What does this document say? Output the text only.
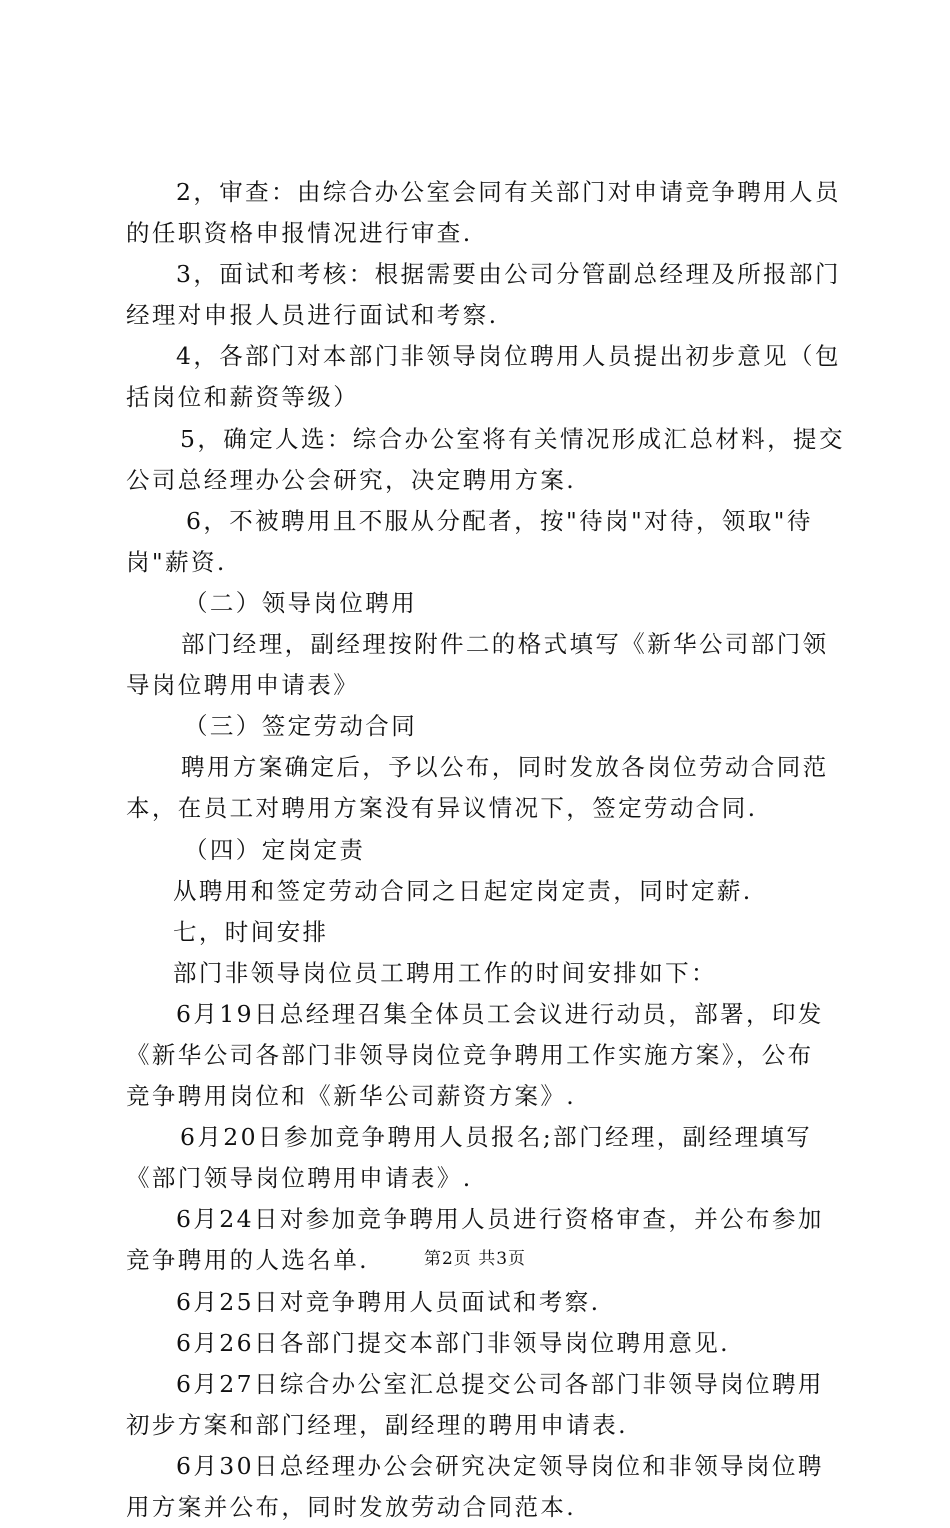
2，审查：由综合办公室会同有关部门对申请竞争聘用人员
的任职资格申报情况进行审查.
3，面试和考核：根据需要由公司分管副总经理及所报部门
经理对申报人员进行面试和考察.
4，各部门对本部门非领导岗位聘用人员提出初步意见（包
括岗位和薪资等级）
5，确定人选：综合办公室将有关情况形成汇总材料，提交
公司总经理办公会研究，决定聘用方案.
6，不被聘用且不服从分配者，按"待岗"对待，领取"待
岗"薪资.
（二）领导岗位聘用
部门经理，副经理按附件二的格式填写《新华公司部门领
导岗位聘用申请表》
（三）签定劳动合同
聘用方案确定后，予以公布，同时发放各岗位劳动合同范
本，在员工对聘用方案没有异议情况下，签定劳动合同.
（四）定岗定责
从聘用和签定劳动合同之日起定岗定责，同时定薪.
七，时间安排
部门非领导岗位员工聘用工作的时间安排如下：
6月19日总经理召集全体员工会议进行动员，部署，印发
《新华公司各部门非领导岗位竞争聘用工作实施方案》，公布
竞争聘用岗位和《新华公司薪资方案》.
6月20日参加竞争聘用人员报名;部门经理，副经理填写
《部门领导岗位聘用申请表》.
6月24日对参加竞争聘用人员进行资格审查，并公布参加
竞争聘用的人选名单.
6月25日对竞争聘用人员面试和考察.
6月26日各部门提交本部门非领导岗位聘用意见.
6月27日综合办公室汇总提交公司各部门非领导岗位聘用
初步方案和部门经理，副经理的聘用申请表.
6月30日总经理办公会研究决定领导岗位和非领导岗位聘
用方案并公布，同时发放劳动合同范本.
第2页 共3页
